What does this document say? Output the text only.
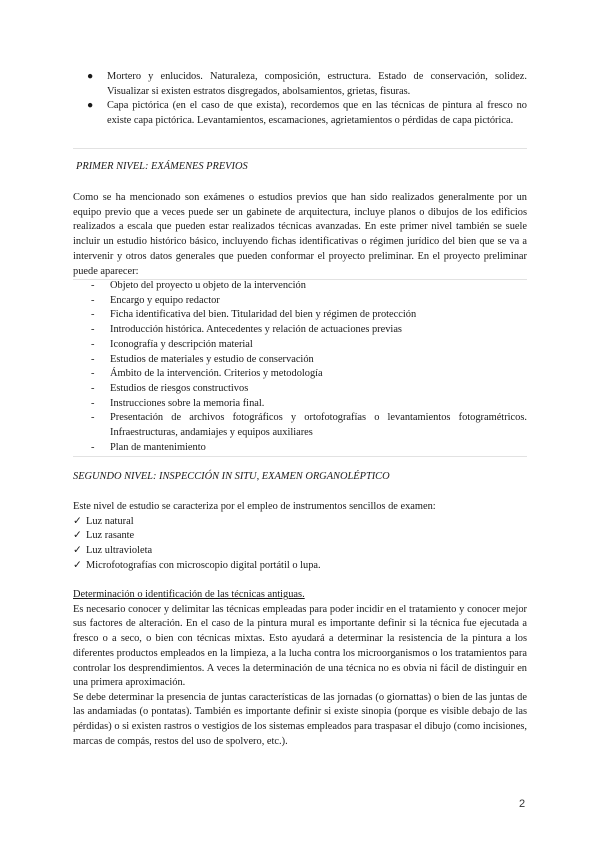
● Mortero y enlucidos. Naturaleza, composición, estructura. Estado de conservación, solidez. Visualizar si existen estratos disgregados, abolsamientos, grietas, fisuras.
● Capa pictórica (en el caso de que exista), recordemos que en las técnicas de pintura al fresco no existe capa pictórica. Levantamientos, escamaciones, agrietamientos o pérdidas de capa pictórica.
PRIMER NIVEL: EXÁMENES PREVIOS
Como se ha mencionado son exámenes o estudios previos que han sido realizados generalmente por un equipo previo que a veces puede ser un gabinete de arquitectura, incluye planos o dibujos de los edificios realizados a escala que pueden estar realizados técnicas avanzadas. En este primer nivel también se suele incluir un estudio histórico básico, incluyendo fichas identificativas o régimen jurídico del bien que se va a intervenir y otros datos generales que pueden conformar el proyecto preliminar. En el proyecto preliminar puede aparecer:
- Objeto del proyecto u objeto de la intervención
- Encargo y equipo redactor
- Ficha identificativa del bien. Titularidad del bien y régimen de protección
- Introducción histórica. Antecedentes y relación de actuaciones previas
- Iconografía y descripción material
- Estudios de materiales y estudio de conservación
- Ámbito de la intervención. Criterios y metodología
- Estudios de riesgos constructivos
- Instrucciones sobre la memoria final.
- Presentación de archivos fotográficos y ortofotografías o levantamientos fotogramétricos. Infraestructuras, andamiajes y equipos auxiliares
- Plan de mantenimiento
SEGUNDO NIVEL: INSPECCIÓN IN SITU, EXAMEN ORGANOLÉPTICO
Este nivel de estudio se caracteriza por el empleo de instrumentos sencillos de examen:
✓ Luz natural
✓ Luz rasante
✓ Luz ultravioleta
✓ Microfotografías con microscopio digital portátil o lupa.
Determinación o identificación de las técnicas antiguas.
Es necesario conocer y delimitar las técnicas empleadas para poder incidir en el tratamiento y conocer mejor sus factores de alteración. En el caso de la pintura mural es importante definir si la técnica fue ejecutada a fresco o a seco, o bien con técnicas mixtas. Esto ayudará a determinar la resistencia de la pintura a los diferentes productos empleados en la limpieza, a la lucha contra los microorganismos o los tratamientos para controlar los desprendimientos. A veces la determinación de una técnica no es obvia ni fácil de distinguir en una primera aproximación.
Se debe determinar la presencia de juntas características de las jornadas (o giornattas) o bien de las juntas de las andamiadas (o pontatas). También es importante definir si existe sinopia (porque es visible debajo de las pérdidas) o si existen rastros o vestigios de los sistemas empleados para traspasar el dibujo (como incisiones, marcas de compás, restos del uso de spolvero, etc.).
2
